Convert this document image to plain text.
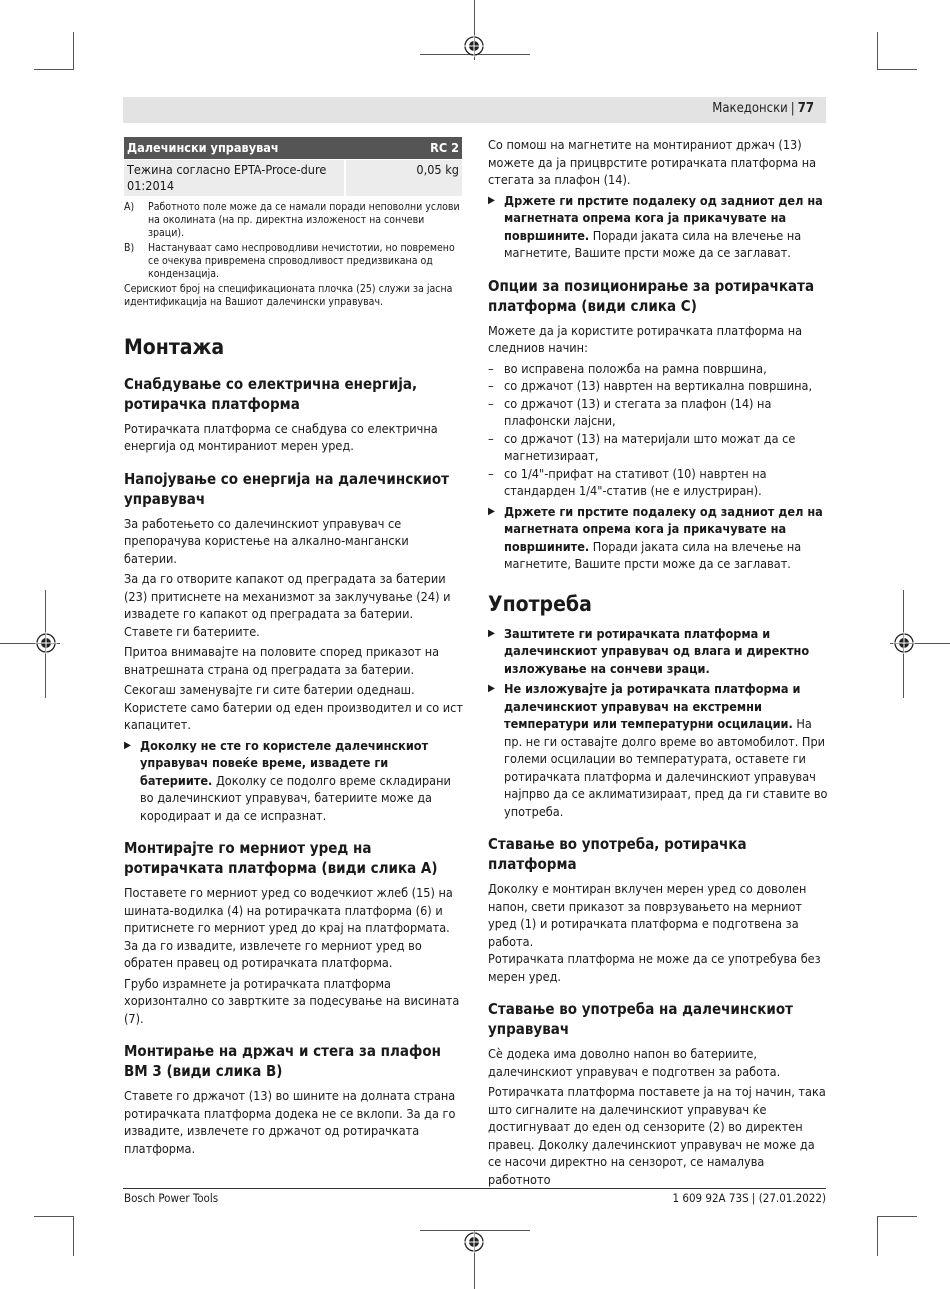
Македонски | 77
Далечински управувач	RC 2
Тежина согласно EPTA-Proce-dure 01:2014	0,05 kg
A)	Работното поле може да се намали поради неповолни услови на околината (на пр. директна изложеност на сончеви зраци).
B)	Настануваат само неспроводливи нечистотии, но повремено се очекува привремена спроводливост предизвикана од кондензација.
Серискиот број на спецификационата плочка (25) служи за јасна идентификација на Вашиот далечински управувач.
Монтажа
Снабдување со електрична енергија, ротирачка платформа

Ротирачката платформа се снабдува со електрична енергија од монтираниот мерен уред.

Напојување со енергија на далечинскиот управувач

За работењето со далечинскиот управувач се препорачува користење на алкално-мангански батерии.

За да го отворите капакот од преградата за батерии (23) притиснете на механизмот за заклучување (24) и извадете го капакот од преградата за батерии. Ставете ги батериите.

Притоа внимавајте на половите според приказот на внатрешната страна од преградата за батерии.

Секогаш заменувајте ги сите батерии одеднаш. Користете само батерии од еден производител и со ист капацитет.

▶ Доколку не сте го користеле далечинскиот управувач повеќе време, извадете ги батериите. Доколку се подолго време складирани во далечинскиот управувач, батериите може да кородираат и да се испразнат.
Монтирајте го мерниот уред на ротирачката платформа (види слика A)

Поставете го мерниот уред со водечкиот жлеб (15) на шината-водилка (4) на ротирачката платформа (6) и притиснете го мерниот уред до крај на платформата.

За да го извадите, извлечете го мерниот уред во обратен правец од ротирачката платформа.

Грубо израмнете ја ротирачката платформа хоризонтално со завртките за подесување на висината (7).

Монтирање на држач и стега за плафон BM 3 (види слика B)

Ставете го држачот (13) во шините на долната страна ротирачката платформа додека не се вклопи. За да го извадите, извлечете го држачот од ротирачката платформа.

Со помош на магнетите на монтираниот држач (13) можете да ја прицврстите ротирачката платформа на стегата за плафон (14).

▶ Држете ги прстите подалеку од задниот дел на магнетната опрема кога ја прикачувате на површините. Поради јаката сила на влечење на магнетите, Вашите прсти може да се заглават.
Опции за позиционирање за ротирачката платформа (види слика C)

Можете да ја користите ротирачката платформа на следниов начин:

– во исправена положба на рамна површина,
– со држачот (13) навртен на вертикална површина,
– со држачот (13) и стегата за плафон (14) на плафонски лајсни,
– со држачот (13) на материјали што можат да се магнетизираат,
– со 1/4"-прифат на стативот (10) навртен на стандарден 1/4"-статив (не е илустриран).
▶ Држете ги прстите подалеку од задниот дел на магнетната опрема кога ја прикачувате на површините. Поради јаката сила на влечење на магнетите, Вашите прсти може да се заглават.
Употреба
▶ Заштитете ги ротирачката платформа и далечинскиот управувач од влага и директно изложување на сончеви зраци.
▶ Не изложувајте ја ротирачката платформа и далечинскиот управувач на екстремни температури или температурни осцилации. На пр. не ги оставајте долго време во автомобилот. При големи осцилации во температурата, оставете ги ротирачката платформа и далечинскиот управувач најпрво да се аклиматизираат, пред да ги ставите во употреба.
Ставање во употреба, ротирачка платформа

Доколку е монтиран вклучен мерен уред со доволен напон, свети приказот за поврзувањето на мерниот уред (1) и ротирачката платформа е подготвена за работа.

Ротирачката платформа не може да се употребува без мерен уред.

Ставање во употреба на далечинскиот управувач

Сѐ додека има доволно напон во батериите, далечинскиот управувач е подготвен за работа.

Ротирачката платформа поставете ја на тој начин, така што сигналите на далечинскиот управувач ќе достигнуваат до еден од сензорите (2) во директен правец. Доколку далечинскиот управувач не може да се насочи директно на сензорот, се намалува работното

Bosch Power Tools	1 609 92A 73S | (27.01.2022)
